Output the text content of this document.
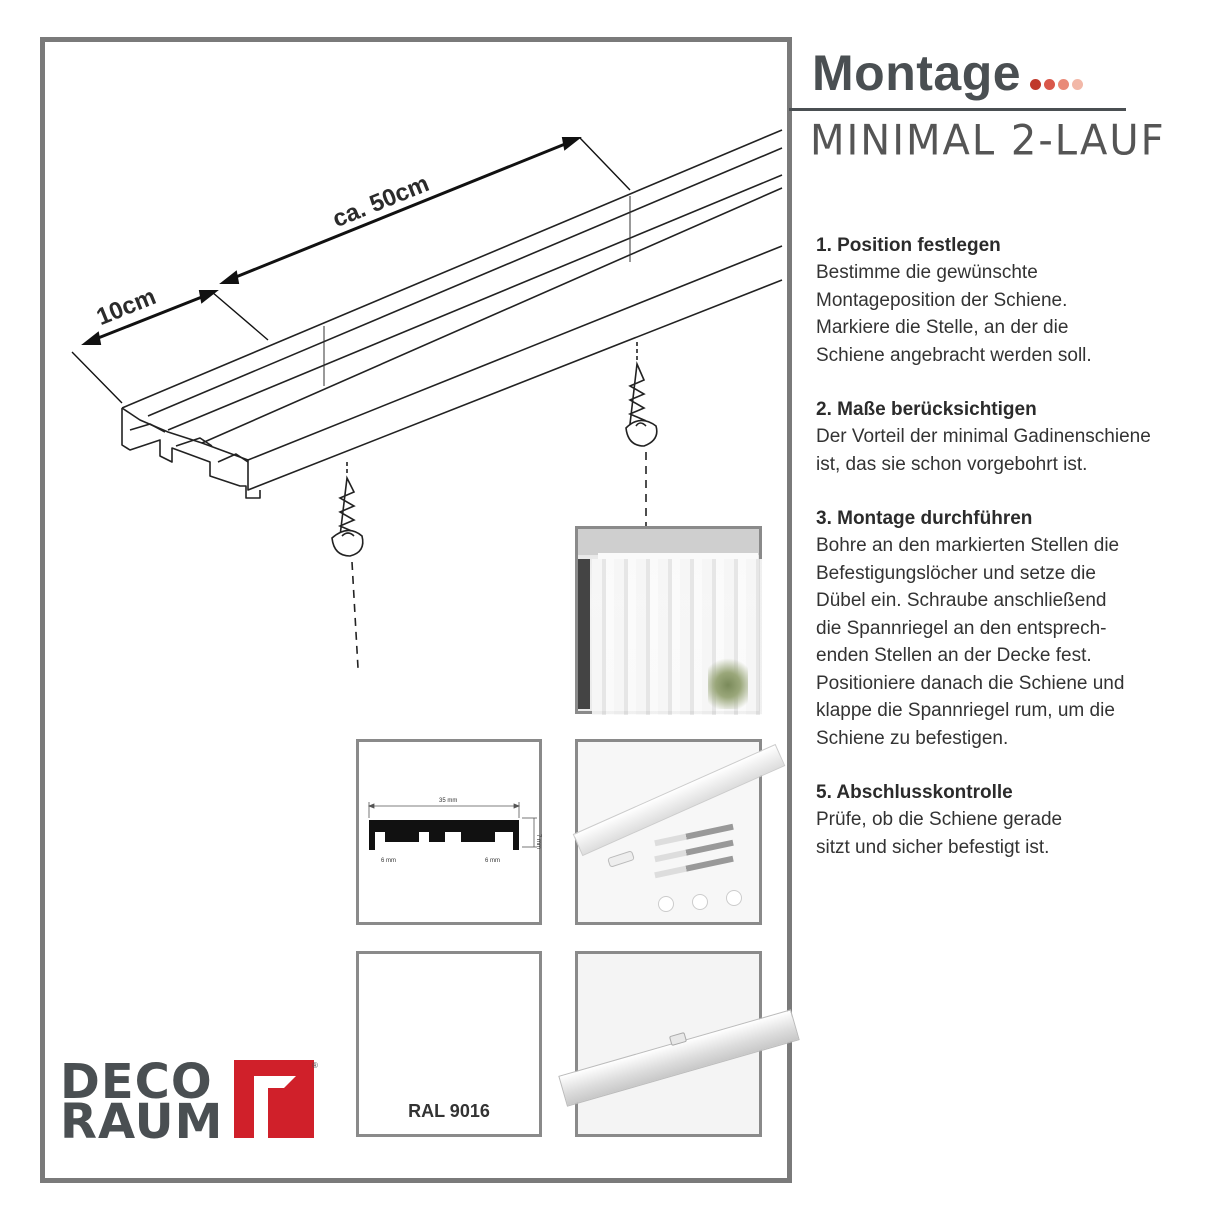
ca. 50cm
10cm
35 mm
7 mm
6 mm	6 mm
RAL 9016
DECO
RAUM
®
Montage
MINIMAL 2-LAUF
1. Position festlegen
Bestimme die gewünschte
Montageposition der Schiene.
Markiere die Stelle, an der die
Schiene angebracht werden soll.
2. Maße berücksichtigen
Der Vorteil der minimal Gadinenschiene
ist, das sie schon vorgebohrt ist.
3. Montage durchführen
Bohre an den markierten Stellen die
Befestigungslöcher und setze die
Dübel ein. Schraube anschließend
die Spannriegel an den entsprech-
enden Stellen an der Decke fest.
Positioniere danach die Schiene und
klappe die Spannriegel rum, um die
Schiene zu befestigen.
5. Abschlusskontrolle
Prüfe, ob die Schiene gerade
sitzt und sicher befestigt ist.
